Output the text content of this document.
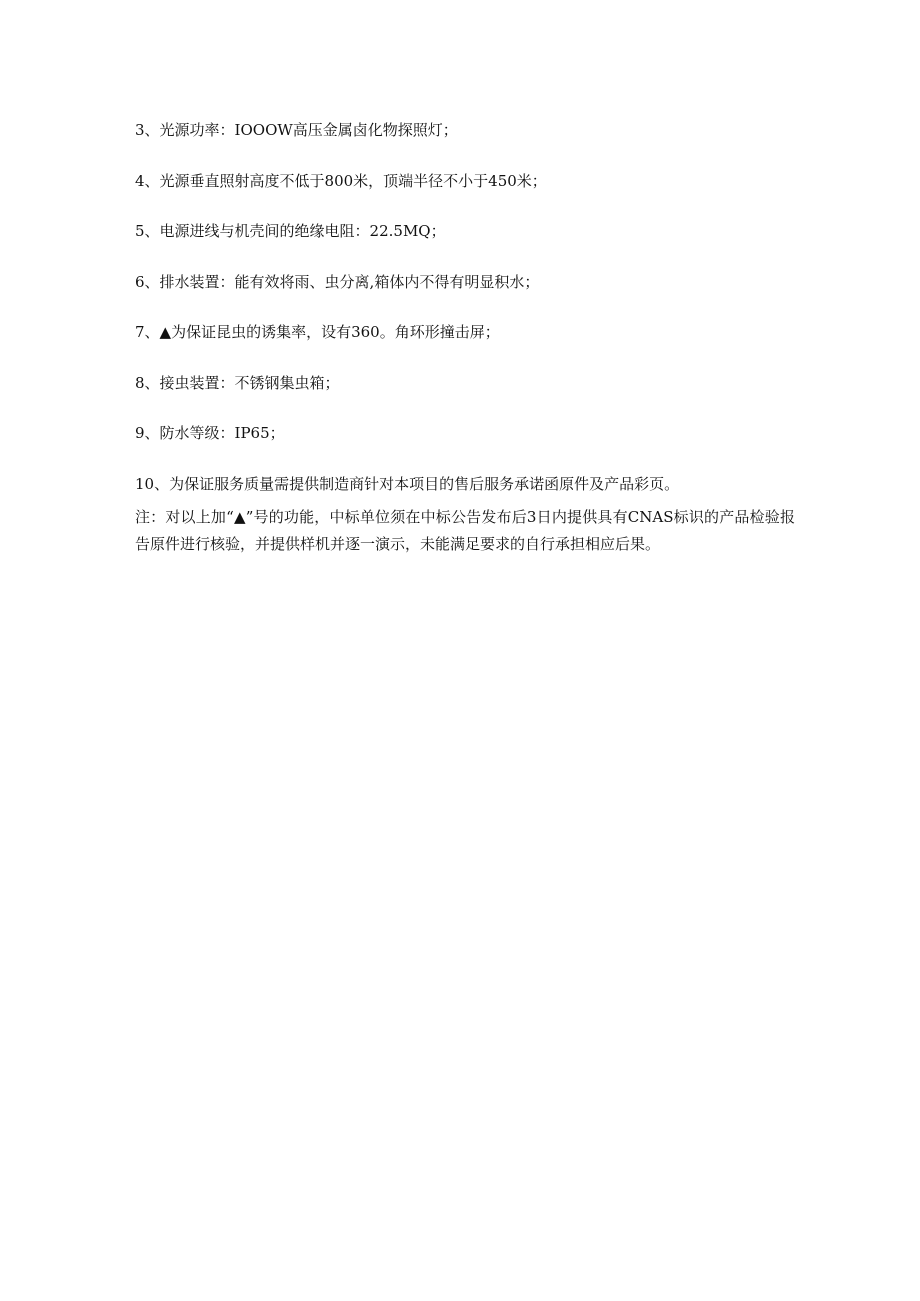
3、光源功率：IOOOW高压金属卤化物探照灯；
4、光源垂直照射高度不低于800米，顶端半径不小于450米；
5、电源进线与机壳间的绝缘电阻：22.5MQ；
6、排水装置：能有效将雨、虫分离,箱体内不得有明显积水；
7、▲为保证昆虫的诱集率，设有360。角环形撞击屏；
8、接虫装置：不锈钢集虫箱；
9、防水等级：IP65；
10、为保证服务质量需提供制造商针对本项目的售后服务承诺函原件及产品彩页。

注：对以上加“▲”号的功能，中标单位须在中标公告发布后3日内提供具有CNAS标识的产品检验报告原件进行核验，并提供样机并逐一演示，未能满足要求的自行承担相应后果。
